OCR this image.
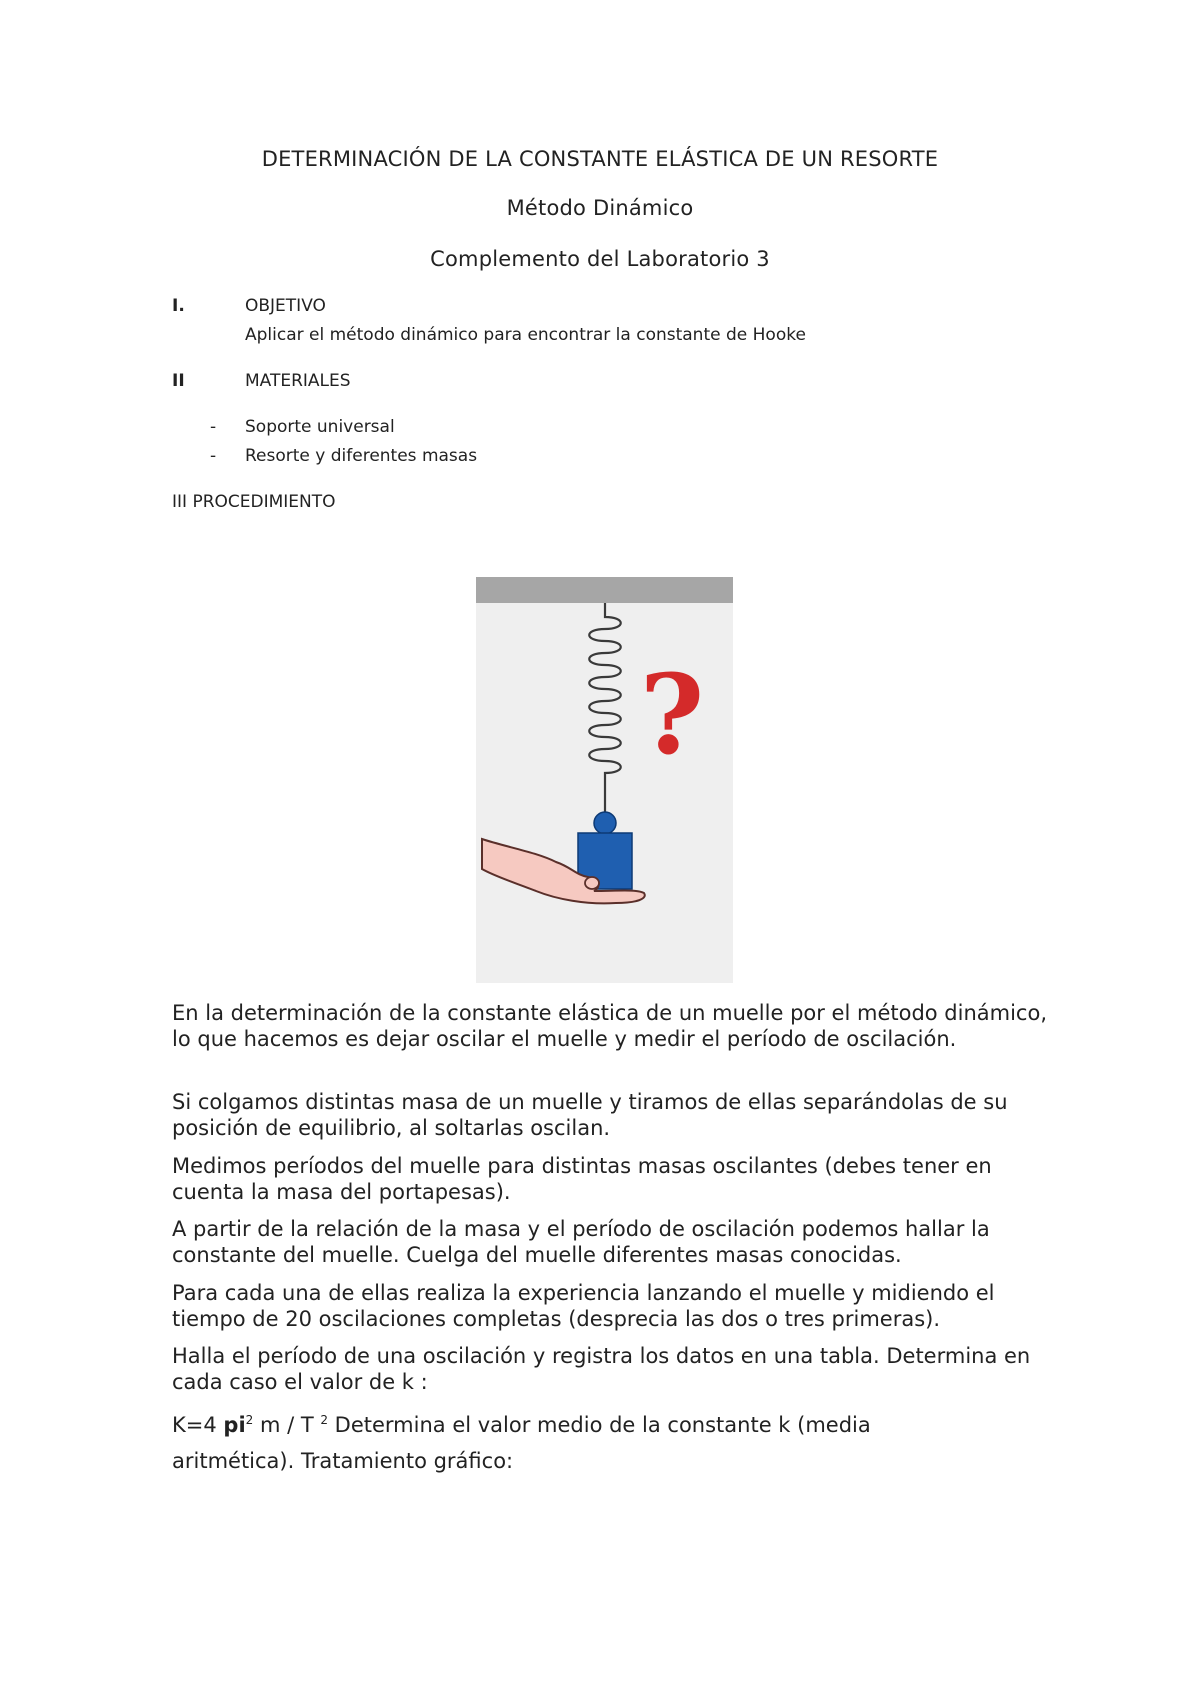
DETERMINACIÓN DE LA CONSTANTE ELÁSTICA DE UN RESORTE
Método Dinámico
Complemento del Laboratorio 3
I.	OBJETIVO
Aplicar el método dinámico para encontrar la constante de Hooke
II	MATERIALES
- Soporte universal
- Resorte y diferentes masas
III PROCEDIMIENTO
?

En la determinación de la constante elástica de un muelle por el método dinámico, lo que hacemos es dejar oscilar el muelle y medir el período de oscilación.

Si colgamos distintas masa de un muelle y tiramos de ellas separándolas de su posición de equilibrio, al soltarlas oscilan.

Medimos períodos del muelle para distintas masas oscilantes (debes tener en cuenta la masa del portapesas).

A partir de la relación de la masa y el período de oscilación podemos hallar la constante del muelle. Cuelga del muelle diferentes masas conocidas.

Para cada una de ellas realiza la experiencia lanzando el muelle y midiendo el tiempo de 20 oscilaciones completas (desprecia las dos o tres primeras).

Halla el período de una oscilación y registra los datos en una tabla. Determina en cada caso el valor de k :

K=4 $pi^2$ m / T $^2$ Determina el valor medio de la constante k (media

aritmética). Tratamiento gráfico:
